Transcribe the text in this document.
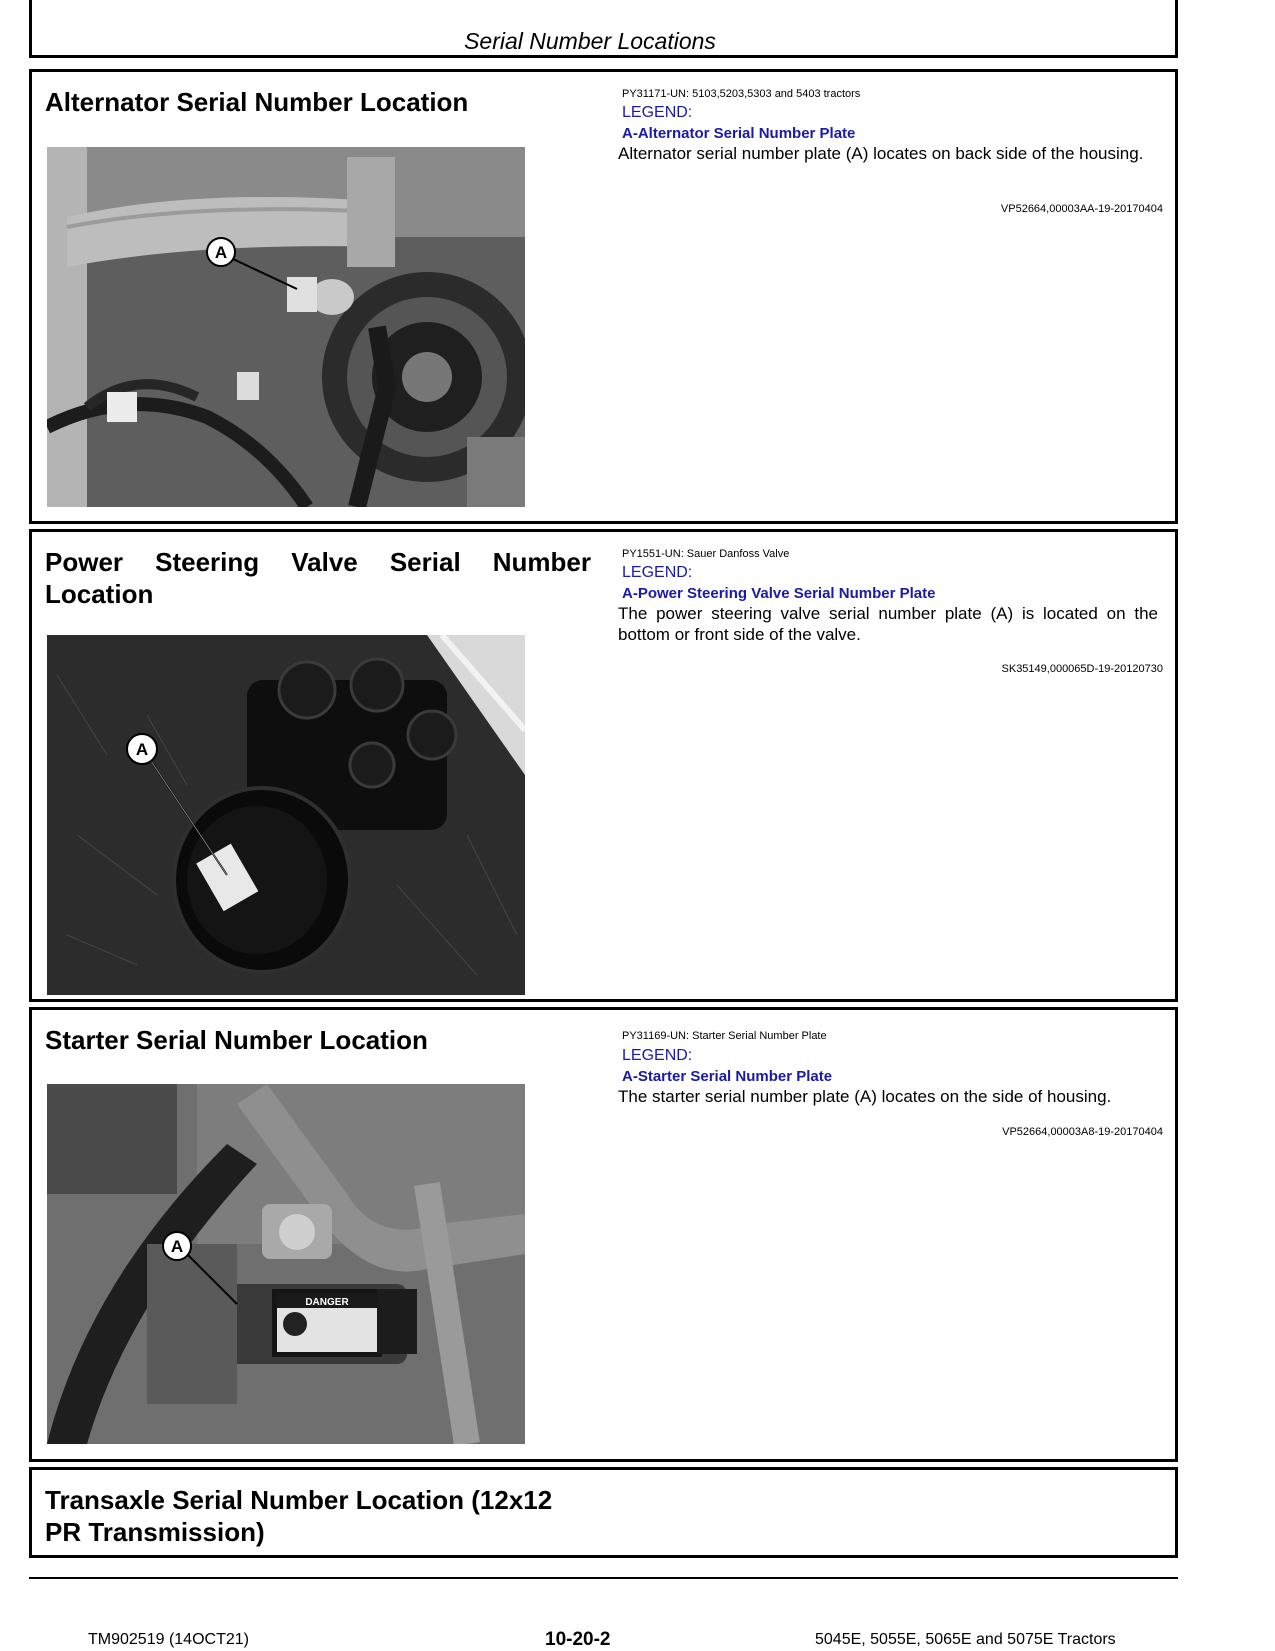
Serial Number Locations
Alternator Serial Number Location
A
PY31171-UN: 5103,5203,5303 and 5403 tractors
LEGEND:
A-Alternator Serial Number Plate
Alternator serial number plate (A) locates on back side of the housing.
VP52664,00003AA-19-20170404
Power Steering Valve Serial Number Location
A
PY1551-UN: Sauer Danfoss Valve
LEGEND:
A-Power Steering Valve Serial Number Plate
The power steering valve serial number plate (A) is located on the bottom or front side of the valve.
SK35149,000065D-19-20120730
Starter Serial Number Location
DANGER
A
PY31169-UN: Starter Serial Number Plate
LEGEND:
A-Starter Serial Number Plate
The starter serial number plate (A) locates on the side of housing.
VP52664,00003A8-19-20170404
Transaxle Serial Number Location (12x12 PR Transmission)
TM902519 (14OCT21)	10-20-2	5045E, 5055E, 5065E and 5075E Tractors
